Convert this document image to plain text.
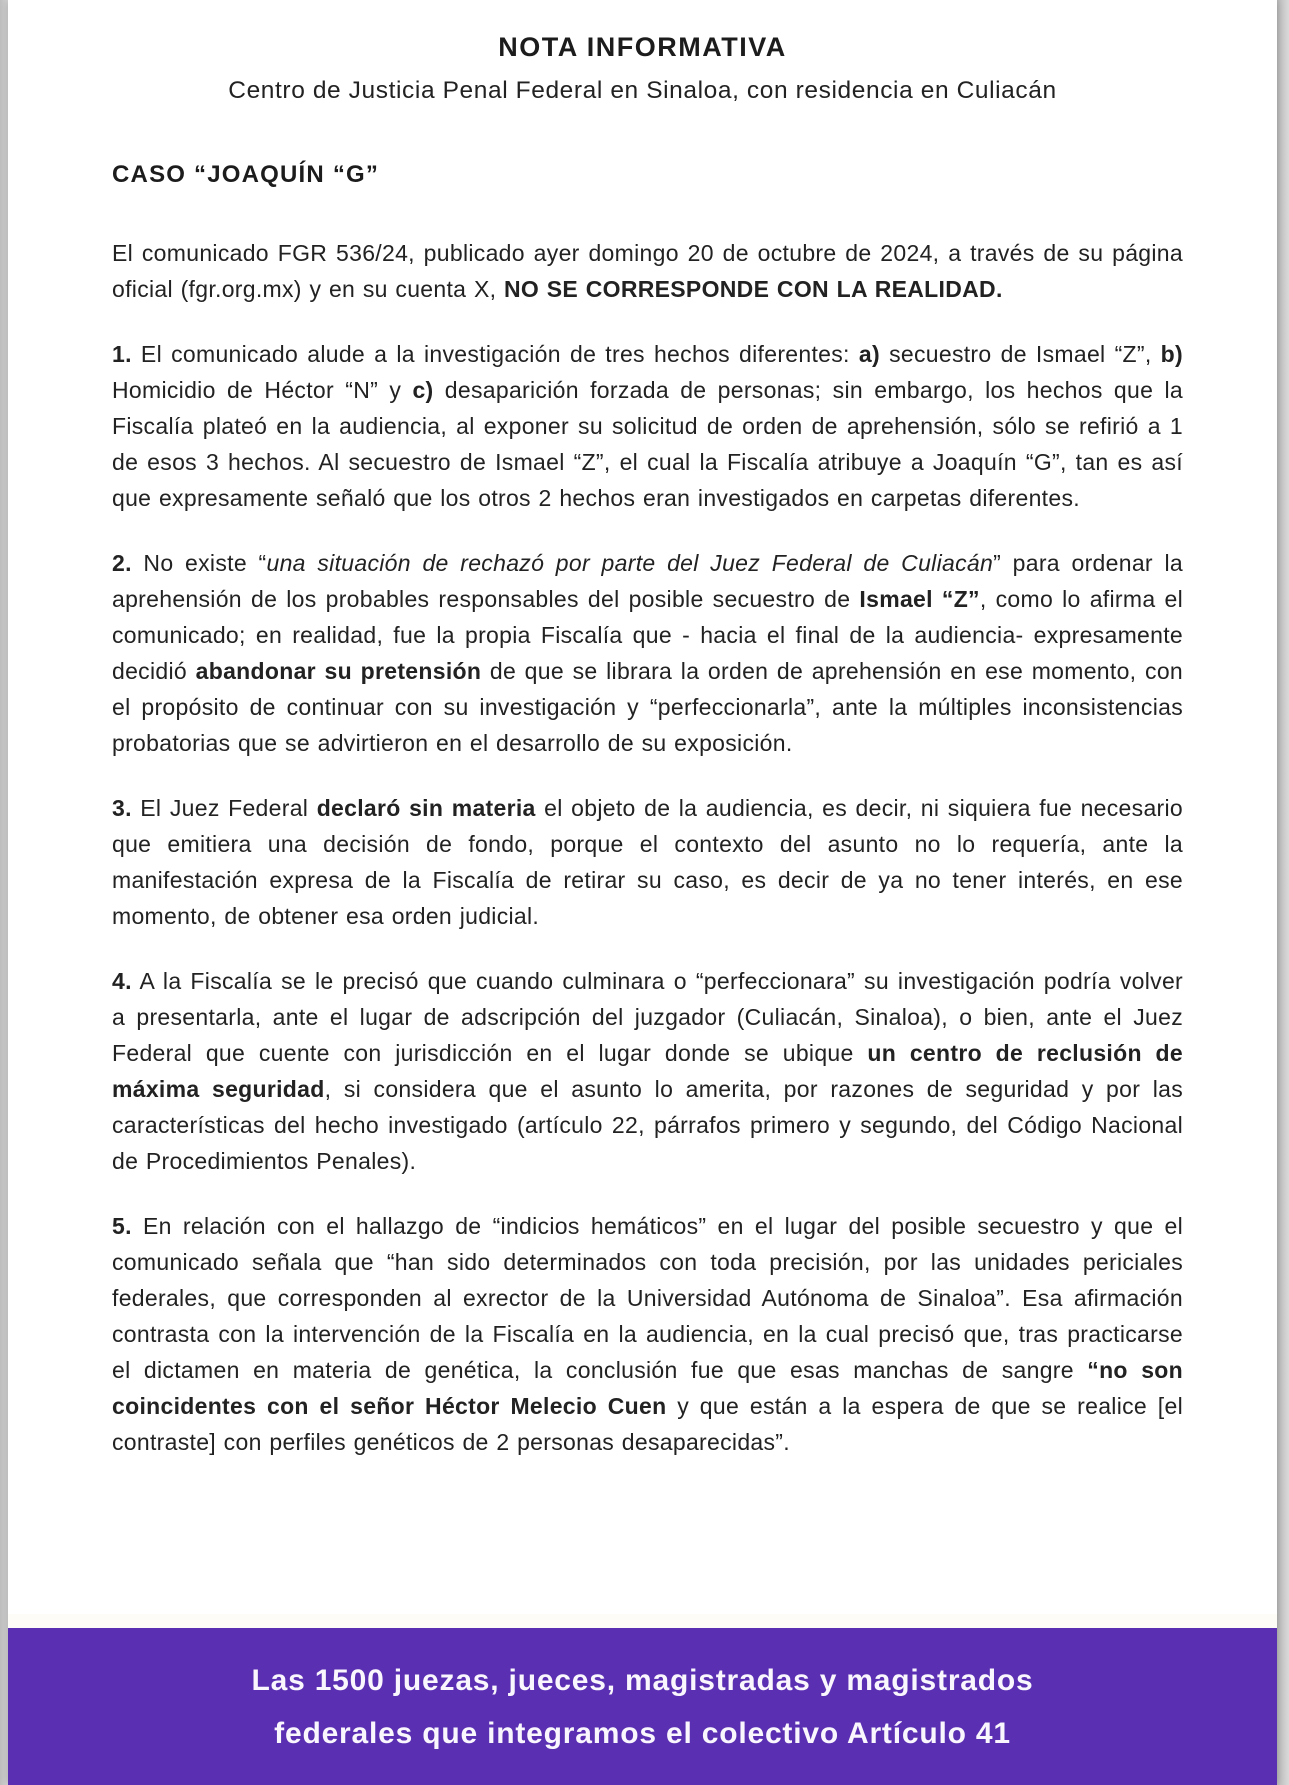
NOTA INFORMATIVA
Centro de Justicia Penal Federal en Sinaloa, con residencia en Culiacán
CASO “JOAQUÍN “G”

El comunicado FGR 536/24, publicado ayer domingo 20 de octubre de 2024, a través de su página oficial (fgr.org.mx) y en su cuenta X, NO SE CORRESPONDE CON LA REALIDAD.

1. El comunicado alude a la investigación de tres hechos diferentes: a) secuestro de Ismael “Z”, b) Homicidio de Héctor “N” y c) desaparición forzada de personas; sin embargo, los hechos que la Fiscalía plateó en la audiencia, al exponer su solicitud de orden de aprehensión, sólo se refirió a 1 de esos 3 hechos. Al secuestro de Ismael “Z”, el cual la Fiscalía atribuye a Joaquín “G”, tan es así que expresamente señaló que los otros 2 hechos eran investigados en carpetas diferentes.

2. No existe “una situación de rechazó por parte del Juez Federal de Culiacán” para ordenar la aprehensión de los probables responsables del posible secuestro de Ismael “Z”, como lo afirma el comunicado; en realidad, fue la propia Fiscalía que - hacia el final de la audiencia- expresamente decidió abandonar su pretensión de que se librara la orden de aprehensión en ese momento, con el propósito de continuar con su investigación y “perfeccionarla”, ante la múltiples inconsistencias probatorias que se advirtieron en el desarrollo de su exposición.

3. El Juez Federal declaró sin materia el objeto de la audiencia, es decir, ni siquiera fue necesario que emitiera una decisión de fondo, porque el contexto del asunto no lo requería, ante la manifestación expresa de la Fiscalía de retirar su caso, es decir de ya no tener interés, en ese momento, de obtener esa orden judicial.

4. A la Fiscalía se le precisó que cuando culminara o “perfeccionara” su investigación podría volver a presentarla, ante el lugar de adscripción del juzgador (Culiacán, Sinaloa), o bien, ante el Juez Federal que cuente con jurisdicción en el lugar donde se ubique un centro de reclusión de máxima seguridad, si considera que el asunto lo amerita, por razones de seguridad y por las características del hecho investigado (artículo 22, párrafos primero y segundo, del Código Nacional de Procedimientos Penales).

5. En relación con el hallazgo de “indicios hemáticos” en el lugar del posible secuestro y que el comunicado señala que “han sido determinados con toda precisión, por las unidades periciales federales, que corresponden al exrector de la Universidad Autónoma de Sinaloa”. Esa afirmación contrasta con la intervención de la Fiscalía en la audiencia, en la cual precisó que, tras practicarse el dictamen en materia de genética, la conclusión fue que esas manchas de sangre “no son coincidentes con el señor Héctor Melecio Cuen y que están a la espera de que se realice [el contraste] con perfiles genéticos de 2 personas desaparecidas”.

Las 1500 juezas, jueces, magistradas y magistrados
federales que integramos el colectivo Artículo 41
